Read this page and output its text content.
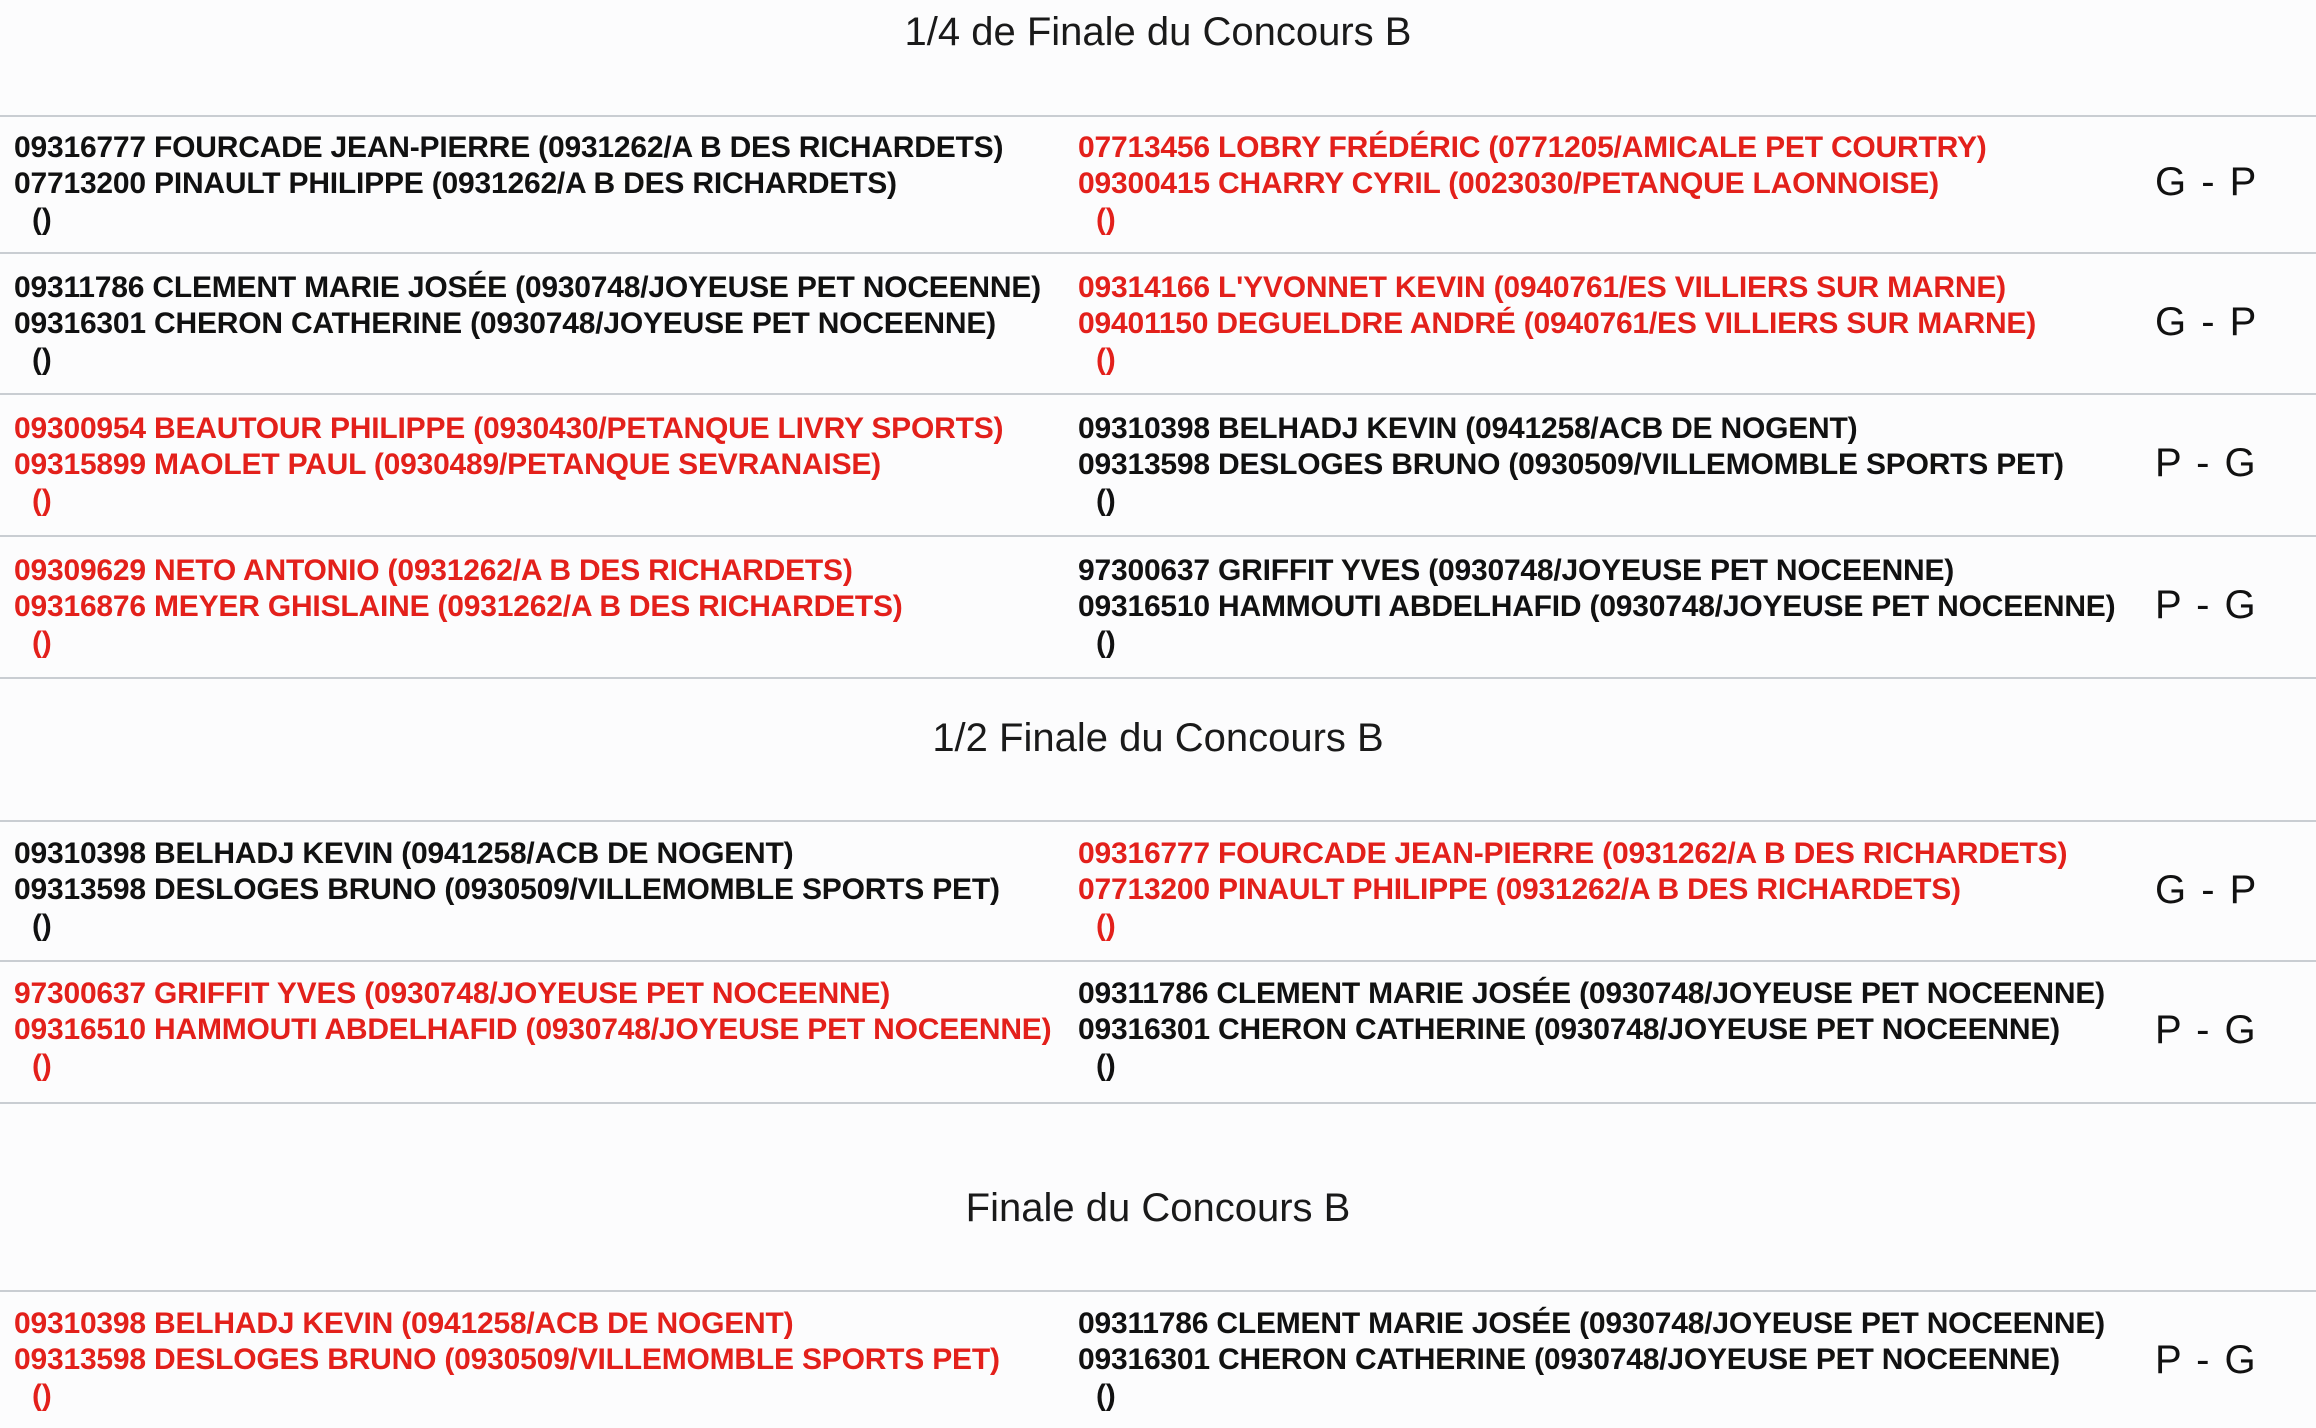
1/4 de Finale du Concours B
09316777 FOURCADE JEAN-PIERRE (0931262/A B DES RICHARDETS)
07713200 PINAULT PHILIPPE (0931262/A B DES RICHARDETS)
()
07713456 LOBRY FRÉDÉRIC (0771205/AMICALE PET COURTRY)
09300415 CHARRY CYRIL (0023030/PETANQUE LAONNOISE)
()
G - P
09311786 CLEMENT MARIE JOSÉE (0930748/JOYEUSE PET NOCEENNE)
09316301 CHERON CATHERINE (0930748/JOYEUSE PET NOCEENNE)
()
09314166 L'YVONNET KEVIN (0940761/ES VILLIERS SUR MARNE)
09401150 DEGUELDRE ANDRÉ (0940761/ES VILLIERS SUR MARNE)
()
G - P
09300954 BEAUTOUR PHILIPPE (0930430/PETANQUE LIVRY SPORTS)
09315899 MAOLET PAUL (0930489/PETANQUE SEVRANAISE)
()
09310398 BELHADJ KEVIN (0941258/ACB DE NOGENT)
09313598 DESLOGES BRUNO (0930509/VILLEMOMBLE SPORTS PET)
()
P - G
09309629 NETO ANTONIO (0931262/A B DES RICHARDETS)
09316876 MEYER GHISLAINE (0931262/A B DES RICHARDETS)
()
97300637 GRIFFIT YVES (0930748/JOYEUSE PET NOCEENNE)
09316510 HAMMOUTI ABDELHAFID (0930748/JOYEUSE PET NOCEENNE)
()
P - G
1/2 Finale du Concours B
09310398 BELHADJ KEVIN (0941258/ACB DE NOGENT)
09313598 DESLOGES BRUNO (0930509/VILLEMOMBLE SPORTS PET)
()
09316777 FOURCADE JEAN-PIERRE (0931262/A B DES RICHARDETS)
07713200 PINAULT PHILIPPE (0931262/A B DES RICHARDETS)
()
G - P
97300637 GRIFFIT YVES (0930748/JOYEUSE PET NOCEENNE)
09316510 HAMMOUTI ABDELHAFID (0930748/JOYEUSE PET NOCEENNE)
()
09311786 CLEMENT MARIE JOSÉE (0930748/JOYEUSE PET NOCEENNE)
09316301 CHERON CATHERINE (0930748/JOYEUSE PET NOCEENNE)
()
P - G
Finale du Concours B
09310398 BELHADJ KEVIN (0941258/ACB DE NOGENT)
09313598 DESLOGES BRUNO (0930509/VILLEMOMBLE SPORTS PET)
()
09311786 CLEMENT MARIE JOSÉE (0930748/JOYEUSE PET NOCEENNE)
09316301 CHERON CATHERINE (0930748/JOYEUSE PET NOCEENNE)
()
P - G
